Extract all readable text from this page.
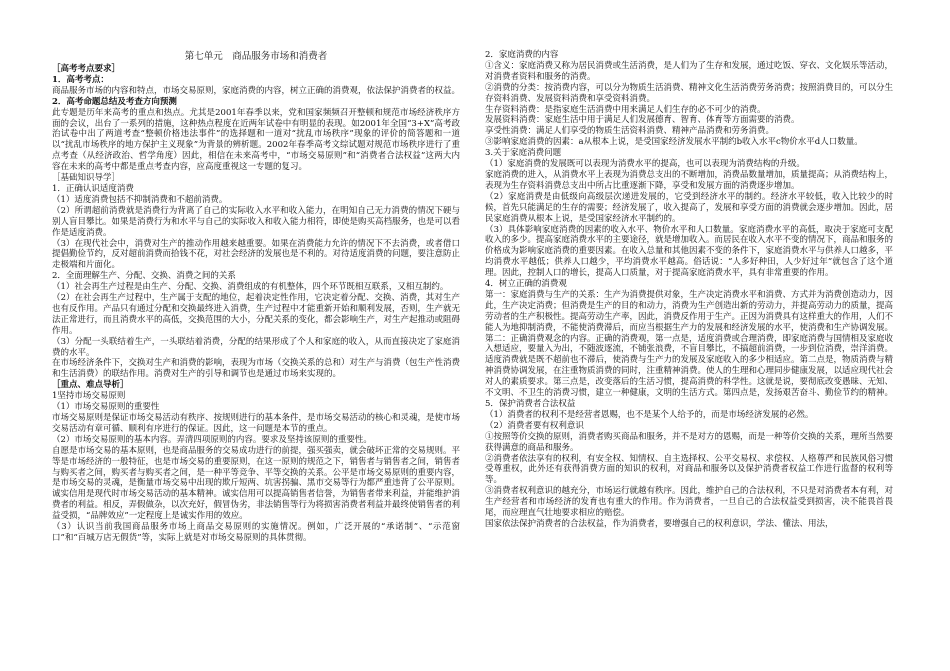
第七单元　商品服务市场和消费者

［高考考点要求］

1．高考考点：

商品服务市场的内容和特点，市场交易原则，家庭消费的内容，树立正确的消费观，依法保护消费者的权益。

2．高考命题总结及考查方向预测

此专题是历年来高考的重点和热点。尤其是2001年春季以来，党和国家频频召开整顿和规范市场经济秩序方面的会议，出台了一系列的措施，这种热点程度在近两年试卷中有明显的表现。如2001年全国“3+X”高考政治试卷中出了两道考查“整顿价格违法事件”的选择题和一道对“扰乱市场秩序”现象的评价的简答题和一道以“扰乱市场秩序的地方保护主义现象”为背景的辨析题。2002年春季高考文综试题对规范市场秩序进行了重点考查（从经济政治、哲学角度）因此，相信在未来高考中，“市场交易原则”和“消费者合法权益”这两大内容在未来的高考中都是重点考查内容，应高度重视这一专题的复习。

［基础知识导学］

1．正确认识适度消费

（1）适度消费包括不抑制消费和不超前消费。

（2）所谓超前消费就是消费行为背离了自己的实际收入水平和收入能力，在明知自己无力消费的情况下硬与别人盲目攀比。如果是消费行为和水平与自己的实际收入和收入能力相符，即使是购买高档服务，也是可以看作是适度消费。

（3）在现代社会中，消费对生产的推动作用越来越重要。如果在消费能力允许的情况下不去消费，或者借口提倡勤俭节约，反对超前消费而拾钱不花，对社会经济的发展也是不利的。对待适度消费的问题，要注意防止走极端和片面化。

2．全面理解生产、分配、交换、消费之间的关系

（1）社会再生产过程是由生产、分配、交换、消费组成的有机整体，四个环节既相互联系，又相互制约。

（2）在社会再生产过程中，生产属于支配的地位，起着决定性作用，它决定着分配、交换、消费，其对生产也有反作用。产品只有通过分配和交换最终进入消费，生产过程中才能重新开始和顺利发展，否则，生产就无法正常进行，而且消费水平的高低，交换范围的大小，分配关系的变化，都会影响生产，对生产起推动或阻碍作用。

（3）分配一头联结着生产，一头联结着消费，分配的结果形成了个人和家庭的收入，从而直接决定了家庭消费的水平。

在市场经济条件下，交换对生产和消费的影响，表现为市场（交换关系的总和）对生产与消费（包生产性消费和生活消费）的联结作用。消费对生产的引导和调节也是通过市场来实现的。

［重点、难点导析］

1坚持市场交易原则

（1）市场交易原则的重要性

市场交易原则是保证市场交易活动有秩序、按规则进行的基本条件，是市场交易活动的核心和灵魂，是使市场交易活动有章可循、顺利有序进行的保证。因此，这一问题是本节的重点。

（2）市场交易原则的基本内容。弄清四项原则的内容。要求及坚持该原则的重要性。

自愿是市场交易的基本原则，也是商品服务的交易成功进行的前提，强买强卖，就会破坏正常的交易规则。平等是市场经济的一般特征，也是市场交易的重要原则，在这一原则的规范之下，销售者与销售者之间，销售者与购买者之间，购买者与购买者之间，是一种平等竞争、平等交换的关系。公平是市场交易原则的重要内容，是市场交易的灵魂，是衡量市场交易中出现的欺斤短两、坑害拐骗、黑市交易等行为都严重违背了公平原则。诚实信用是现代时市场交易活动的基本精神。诚实信用可以提高销售者信誉，为销售者带来利益，并能维护消费者的利益。相反，弄假做杂，以次充好，假冒伪劣，非法销售等行为将损害消费者利益并最终使销售者的利益受损，“品牌效应”一定程度上是诚实作用的效应。

（3）认识当前我国商品服务市场上商品交易原则的实施情况。例如，广泛开展的“承诺制”、“示范窗口”和“百城万店无假货”等，实际上就是对市场交易原则的具体贯彻。

2．家庭消费的内容

①含义：家庭消费又称为居民消费或生活消费，是人们为了生存和发展，通过吃饭、穿衣、文化娱乐等活动，对消费者资料和服务的消费。

②消费的分类：按消费内容，可以分为物质生活消费、精神文化生活消费劳务消费；按照消费目的，可以分生存资料消费、发展资料消费和享受资料消费。

生存资料消费：是指家庭生活消费中用来满足人们生存的必不可少的消费。

发展资料消费：家庭生活中用于满足人们发展德育、智育、体育等方面需要的消费。

享受性消费：满足人们享受的物质生活资料消费、精神产品消费和劳务消费。

③影响家庭消费的因素：a从根本上说，是受国家经济发展水平制约b收入水平c物价水平d人口数量。

3.关于家庭消费问题

（1）家庭消费的发展既可以表现为消费水平的提高，也可以表现为消费结构的升级。

家庭消费的进入，从消费水平上表现为消费总支出的不断增加，消费品数量增加，质量提高；从消费结构上，表现为生存资料消费总支出中所占比重逐渐下降，享受和发展方面的消费逐步增加。

（2）家庭消费是由低级向高级层次递进发展的，它受到经济水平的制约。经济水平较低，收入比较少的时候，首先只能满足的生存的需要；经济发展了，收入提高了，发展和享受方面的消费就会逐步增加。因此，居民家庭消费从根本上说，是受国家经济水平制约的。

（3）具体影响家庭消费的因素的收入水平、物价水平和人口数量。家庭消费水平的高低，取决于家庭可支配收入的多少。提高家庭消费水平的主要途径，就是增加收入。而居民在收入水平不变的情况下，商品和服务的价格成为影响家庭消费的重要因素。在收入总量和其他因素不变的条件下，家庭消费水平与供养人口越多，平均消费水平越低；供养人口越少，平均消费水平越高。俗话说：“人多好种田，人少好过年”就包含了这个道理。因此，控制人口的增长，提高人口质量，对于提高家庭消费水平，具有非常重要的作用。

4．树立正确的消费观

第一：家庭消费与生产的关系：生产为消费提供对象，生产决定消费水平和消费、方式并为消费创造动力，因此，生产决定消费；但消费是生产的目的和动力，消费为生产创造出新的劳动力，并提高劳动力的质量，提高劳动者的生产积极性。提高劳动生产率，因此，消费反作用于生产。正因为消费具有这样重大的作用，人们不能人为地抑制消费，不能使消费滞后，而应当根据生产力的发展和经济发展的水平，使消费和生产协调发展。

第二：正确消费观念的内容。正确的消费观，第一点是，适度消费或合理消费，即家庭消费与国情相及家庭收入想适应，要量入为出，不随波逐流，不铺张浪费，不盲目攀比，不搞超前消费，一步到位消费，崇洋消费。适度消费就是既不超前也不滞后，使消费与生产力的发展及家庭收入的多少相适应。第二点是，物质消费与精神消费协调发展，在注重物质消费的同时，注重精神消费。使人的生理和心理同步健康发展，以适应现代社会对人的素质要求。第三点是，改变落后的生活习惯，提高消费的科学性。这就是说，要彻底改变愚昧、无知、不文明、不卫生的消费习惯，建立一种健康，文明的生活方式。第四点是，发扬艰苦奋斗、勤俭节约的精神。

5．保护消费者合法权益

（1）消费者的权利不是经营者恩赐，也不是某个人给予的，而是市场经济发展的必然。

（2）消费者要有权利意识

①按照等价交换的原则，消费者购买商品和服务，并不是对方的恩赐，而是一种等价交换的关系，理所当然要获得满意的商品和服务。

②消费者依法享有的权利，有安全权、知情权、自主选择权、公平交易权、求偿权、人格尊严和民族风俗习惯受尊重权，此外还有获得消费方面的知识的权利，对商品和服务以及保护消费者权益工作进行监督的权利等等。

③消费者权利意识的越充分，市场运行就越有秩序。因此，维护自己的合法权利，不只是对消费者本有利，对生产经营者和市场经济的发育也有重大的作用。作为消费者，一旦自己的合法权益受到损害，决不能畏首畏尾，而应理直气壮地要求相应的赔偿。

国家依法保护消费者的合法权益，作为消费者，要增强自己的权利意识，学法、懂法、用法，
